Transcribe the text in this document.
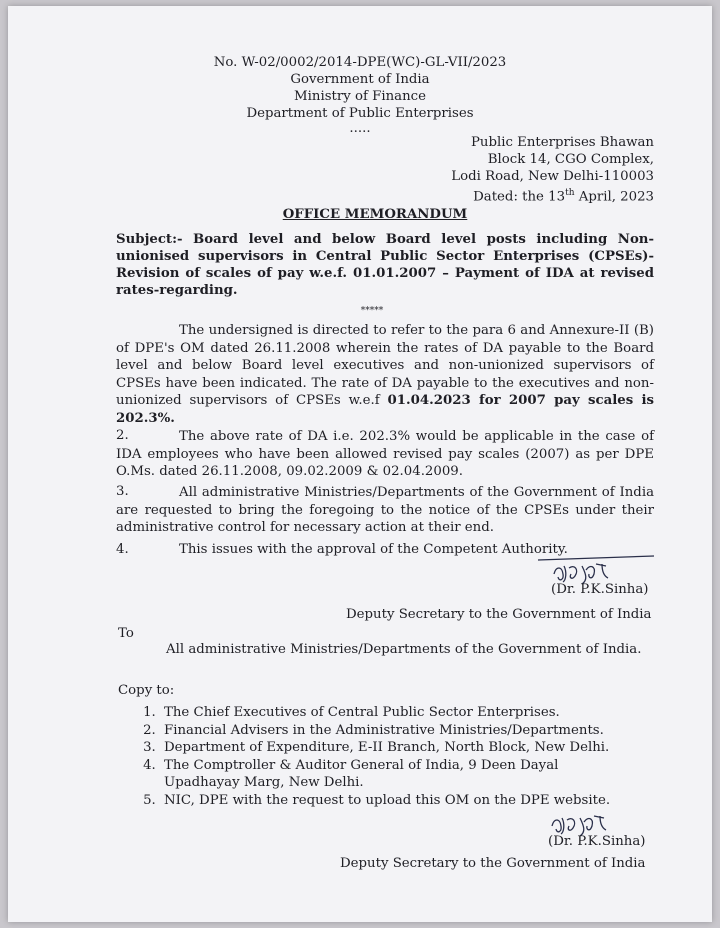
No. W-02/0002/2014-DPE(WC)-GL-VII/2023
Government of India
Ministry of Finance
Department of Public Enterprises
.....
Public Enterprises Bhawan
Block 14, CGO Complex,
Lodi Road, New Delhi-110003
Dated: the 13th April, 2023
OFFICE MEMORANDUM
Subject:- Board level and below Board level posts including Non-unionised supervisors in Central Public Sector Enterprises (CPSEs)- Revision of scales of pay w.e.f. 01.01.2007 – Payment of IDA at revised rates-regarding.
*****
The undersigned is directed to refer to the para 6 and Annexure-II (B) of DPE's OM dated 26.11.2008 wherein the rates of DA payable to the Board level and below Board level executives and non-unionized supervisors of CPSEs have been indicated. The rate of DA payable to the executives and non-unionized supervisors of CPSEs w.e.f 01.04.2023 for 2007 pay scales is 202.3%.
2.	The above rate of DA i.e. 202.3% would be applicable in the case of IDA employees who have been allowed revised pay scales (2007) as per DPE O.Ms. dated 26.11.2008, 09.02.2009 & 02.04.2009.
3.	All administrative Ministries/Departments of the Government of India are requested to bring the foregoing to the notice of the CPSEs under their administrative control for necessary action at their end.
4.	This issues with the approval of the Competent Authority.
(Dr. P.K.Sinha)
Deputy Secretary to the Government of India
To
All administrative Ministries/Departments of the Government of India.
Copy to:
1. The Chief Executives of Central Public Sector Enterprises.
2. Financial Advisers in the Administrative Ministries/Departments.
3. Department of Expenditure, E-II Branch, North Block, New Delhi.
4. The Comptroller & Auditor General of India, 9 Deen Dayal Upadhayay Marg, New Delhi.
5. NIC, DPE with the request to upload this OM on the DPE website.
(Dr. P.K.Sinha)
Deputy Secretary to the Government of India
